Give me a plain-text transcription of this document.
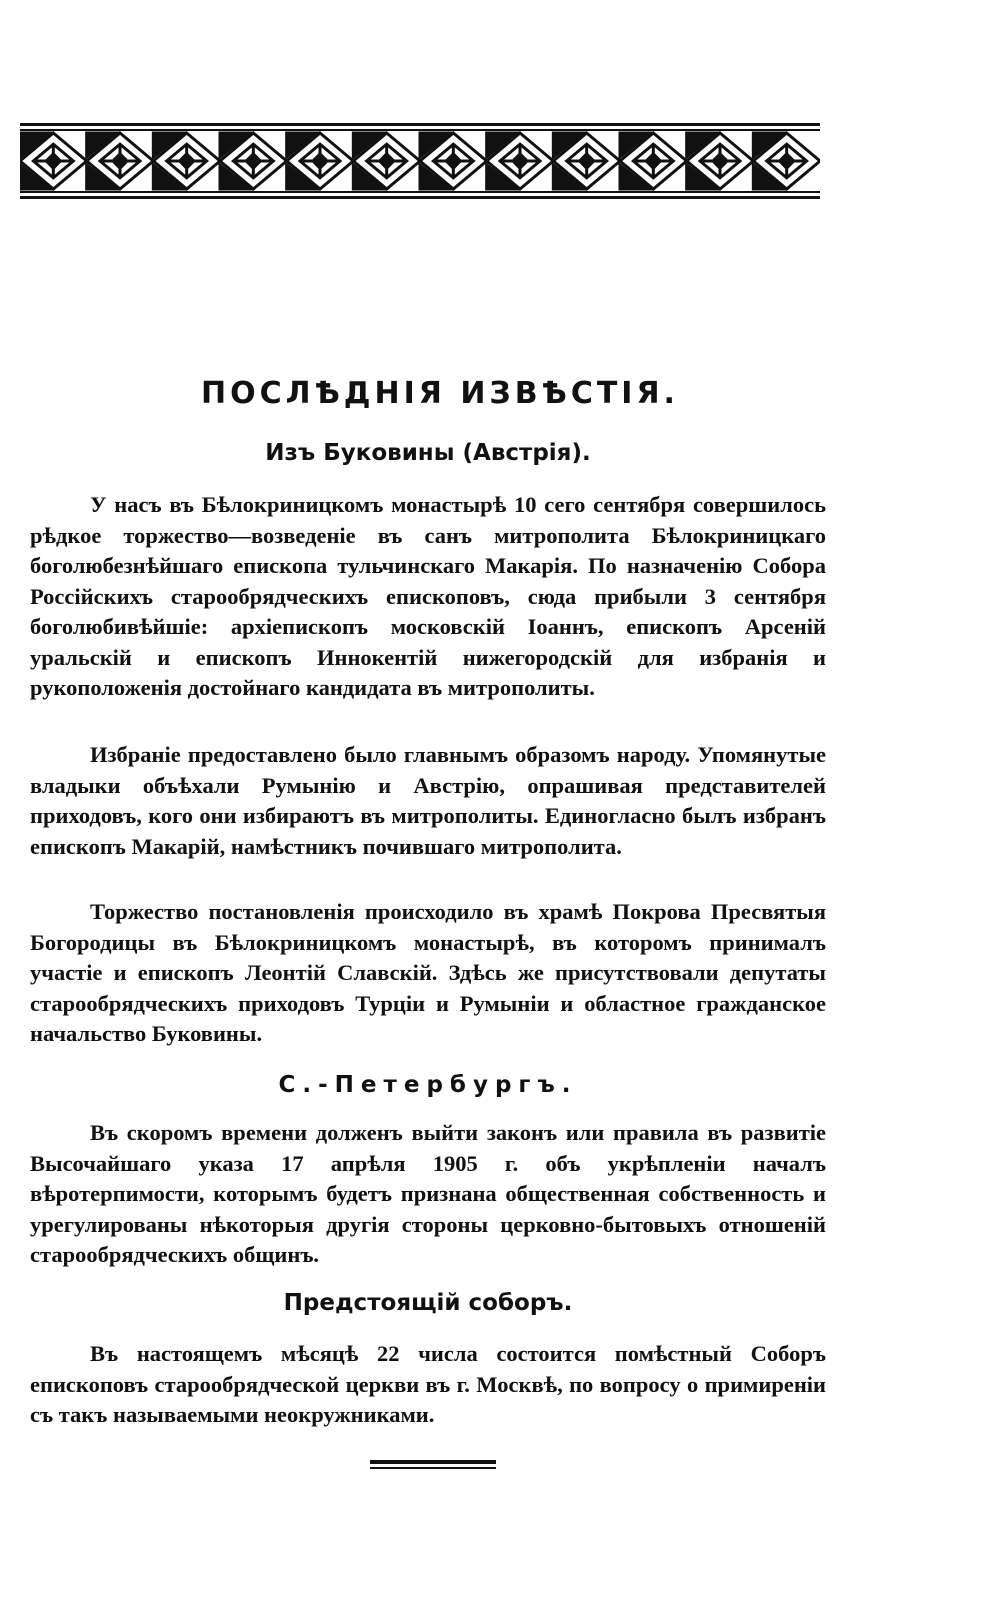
ПОСЛѢДНІЯ ИЗВѢСТІЯ.
Изъ Буковины (Австрія).

У насъ въ Бѣлокриницкомъ монастырѣ 10 сего сентября совершилось рѣдкое торжество—возведеніе въ санъ митрополита Бѣлокриницкаго боголюбезнѣйшаго епископа тульчинскаго Макарія. По назначенію Собора Россійскихъ старообрядческихъ епископовъ, сюда прибыли 3 сентября боголюбивѣйшіе: архіепископъ московскій Іоаннъ, епископъ Арсеній уральскій и епископъ Иннокентій нижегородскій для избранія и рукоположенія достойнаго кандидата въ митрополиты.

Избраніе предоставлено было главнымъ образомъ народу. Упомянутые владыки объѣхали Румынію и Австрію, опрашивая представителей приходовъ, кого они избираютъ въ митрополиты. Единогласно былъ избранъ епископъ Макарій, намѣстникъ почившаго митрополита.

Торжество постановленія происходило въ храмѣ Покрова Пресвятыя Богородицы въ Бѣлокриницкомъ монастырѣ, въ которомъ принималъ участіе и епископъ Леонтій Славскій. Здѣсь же присутствовали депутаты старообрядческихъ приходовъ Турціи и Румыніи и областное гражданское начальство Буковины.

С.-Петербургъ.

Въ скоромъ времени долженъ выйти законъ или правила въ развитіе Высочайшаго указа 17 апрѣля 1905 г. объ укрѣпленіи началъ вѣротерпимости, которымъ будетъ признана общественная собственность и урегулированы нѣкоторыя другія стороны церковно-бытовыхъ отношеній старообрядческихъ общинъ.

Предстоящій соборъ.

Въ настоящемъ мѣсяцѣ 22 числа состоится помѣстный Соборъ епископовъ старообрядческой церкви въ г. Москвѣ, по вопросу о примиреніи съ такъ называемыми неокружниками.
